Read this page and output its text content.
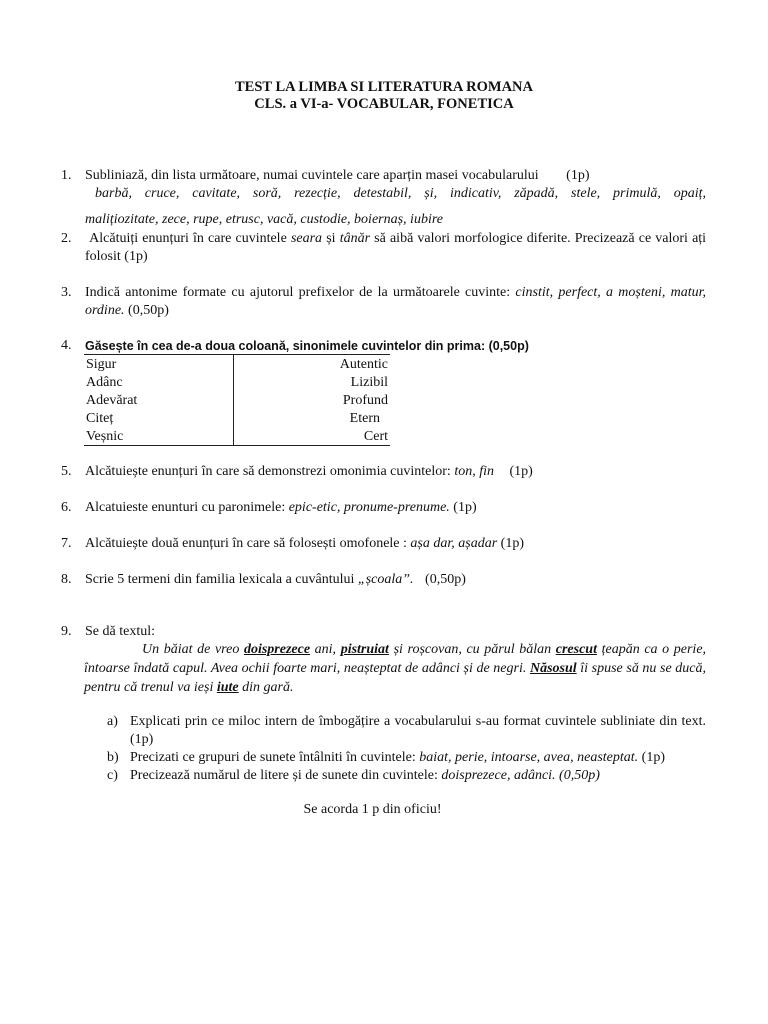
TEST LA LIMBA SI LITERATURA ROMANA
CLS. a VI-a- VOCABULAR, FONETICA
1. Subliniază, din lista următoare, numai cuvintele care aparțin masei vocabularului (1p)
barbă, cruce, cavitate, soră, rezecție, detestabil, și, indicativ, zăpadă, stele, primulă, opaiț,
malițiozitate, zece, rupe, etrusc, vacă, custodie, boiernaș, iubire
2.	Alcătuiți enunțuri în care cuvintele seara și tânăr să aibă valori morfologice diferite. Precizează ce valori ați folosit (1p)
3. Indică antonime formate cu ajutorul prefixelor de la următoarele cuvinte: cinstit, perfect, a moșteni, matur, ordine. (0,50p)
4.	Găsește în cea de-a doua coloană, sinonimele cuvintelor din prima: (0,50p)
Sigur	Autentic
Adânc	Lizibil
Adevărat	Profund
Citeț	Etern
Veșnic	Cert
5. Alcătuiește enunțuri în care să demonstrezi omonimia cuvintelor: ton, fin (1p)
6. Alcatuieste enunturi cu paronimele: epic-etic, pronume-prenume. (1p)
7. Alcătuiește două enunțuri în care să folosești omofonele : așa dar, așadar (1p)
8. Scrie 5 termeni din familia lexicala a cuvântului „școala”. (0,50p)
9. Se dă textul:
Un băiat de vreo doisprezece ani, pistruiat și roșcovan, cu părul bălan crescut țeapăn ca o perie, întoarse îndată capul. Avea ochii foarte mari, neașteptat de adânci și de negri. Năsosul îi spuse să nu se ducă, pentru că trenul va ieși iute din gară.
a) Explicati prin ce miloc intern de îmbogățire a vocabularului s-au format cuvintele subliniate din text. (1p)
b) Precizati ce grupuri de sunete întâlniti în cuvintele: baiat, perie, intoarse, avea, neasteptat. (1p)
c) Precizează numărul de litere și de sunete din cuvintele: doisprezece, adânci. (0,50p)
Se acorda 1 p din oficiu!
